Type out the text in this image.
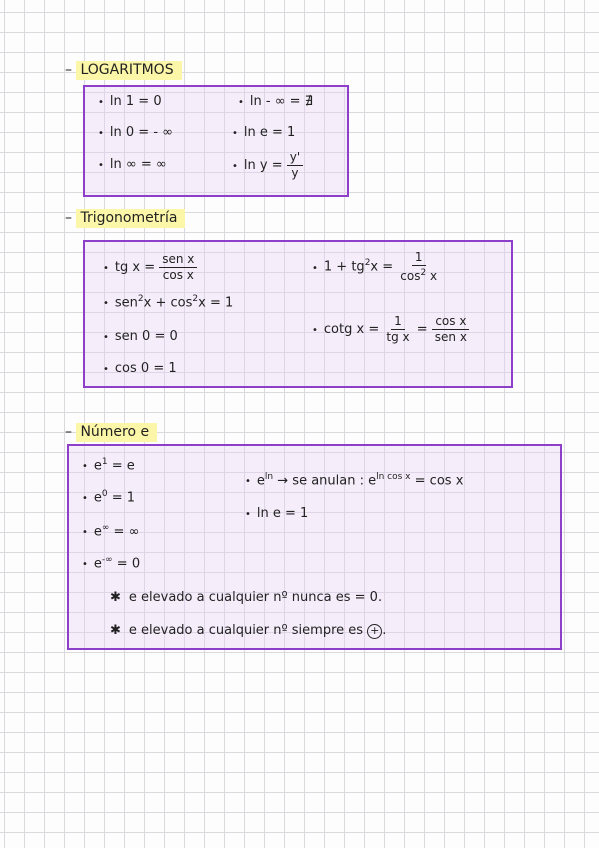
– LOGARITMOS
• ln 1 = 0
• ln 0 = - ∞
• ln ∞ = ∞
• ln - ∞ = ∄
• ln e = 1
• $\ln y = \frac{y'}{y}$
– Trigonometría
• tg $x = \frac{\text{sen x}}{\text{cos x}}$
• $sen^2x + \cos^2x = 1$
• sen 0 = 0
• cos 0 = 1
• $1 + tg^2x = \frac{1}{\cos^2 x}$
• cotg $x = \frac{1}{\text{tg x}} = \frac{\text{cos x}}{\text{sen x}}$
– Número e
• $e^1 = e$
• $e^0 = 1$
• e∞ = ∞
• e-∞ = 0
• $e^{ln}$ → se anulan : $e^{ln cos x} = \cos x$
• ln e = 1
✱ e elevado a cualquier nº nunca es = 0.
✱ e elevado a cualquier nº siempre es + .
